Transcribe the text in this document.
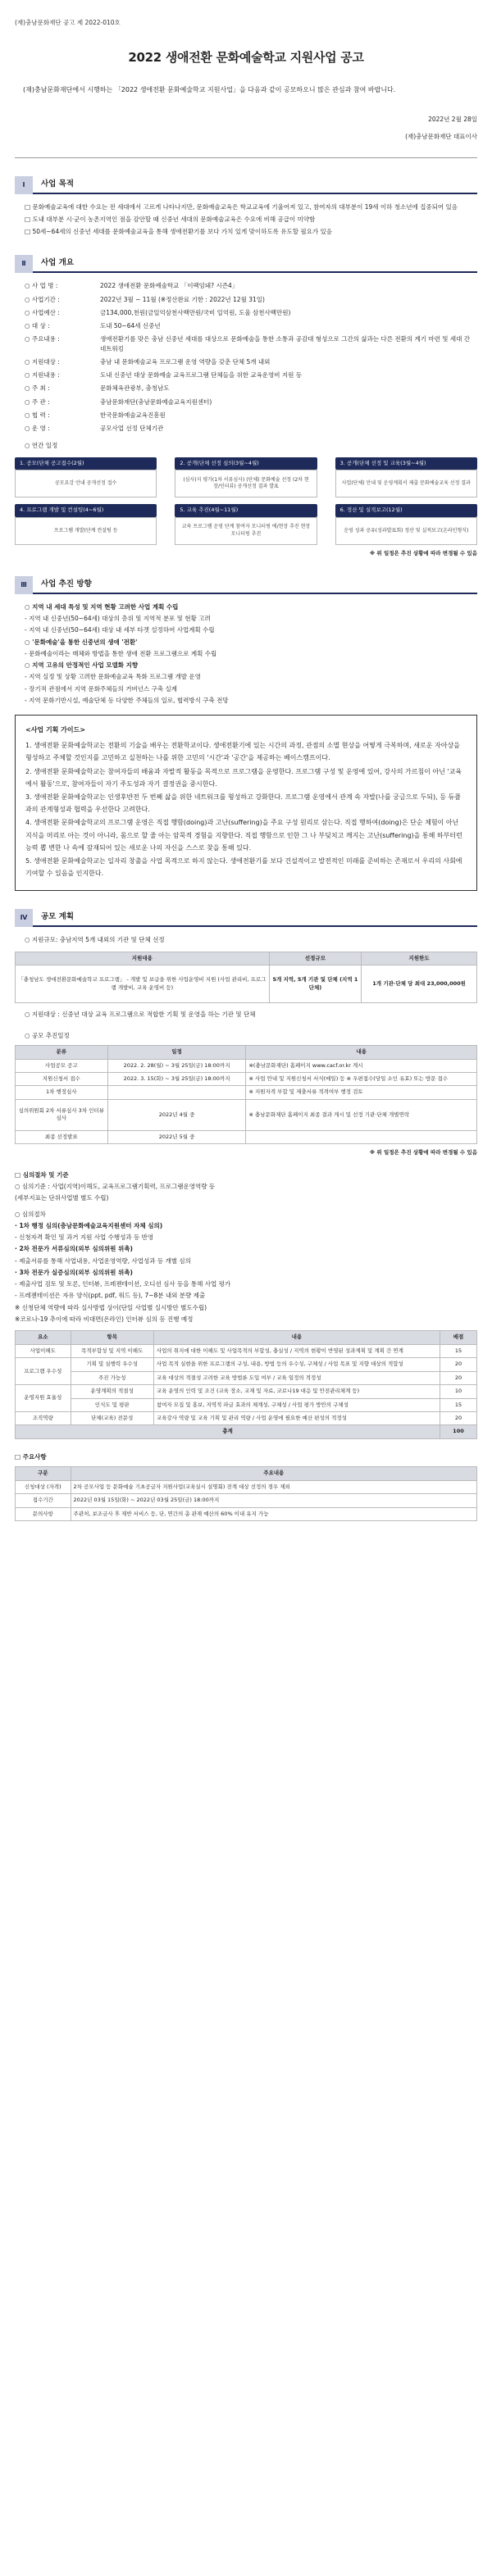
(재)충남문화재단 공고 제 2022-010호
2022 생애전환 문화예술학교 지원사업 공고
(재)충남문화재단에서 시행하는 「2022 생애전환 문화예술학교 지원사업」을 다음과 같이 공모하오니 많은 관심과 참여 바랍니다.
2022년 2월 28일
(재)충남문화재단 대표이사
Ⅰ	사업 목적

□ 문화예술교육에 대한 수요는 전 세대에서 고르게 나타나지만, 문화예술교육은 학교교육에 기울어져 있고, 참여자의 대부분이 19세 이하 청소년에 집중되어 있음

□ 도내 대부분 시·군이 농촌지역인 점을 감안할 때 신중년 세대의 문화예술교육은 수요에 비해 공급이 미약함

□ 50세~64세의 신중년 세대를 문화예술교육을 통해 생애전환기를 보다 가치 있게 맞이하도록 유도할 필요가 있음

Ⅱ	사업 개요
○ 사 업 명 :	2022 생애전환 문화예술학교 「이팩임돼? 시즌4」
○ 사업기간 :	2022년 3월 ~ 11월 (※정산완료 기한 : 2022년 12월 31일)
○ 사업예산 :	금134,000,천원(금일억삼천사백만원/국비 일억원, 도울 삼천사백만원)
○ 대 상 :	도내 50~64세 신중년
○ 주요내용 :	생애전환기를 맞은 충남 신중년 세대를 대상으로 문화예술을 통한 소통과 공감대 형성으로 그간의 삶과는 다른 전환의 계기 마련 및 세대 간 네트워킹
○ 지원대상 :	충남 내 문화예술교육 프로그램 운영 역량을 갖춘 단체 5개 내외
○ 지원내용 :	도내 신중년 대상 문화예술 교육프로그램 단체들을 위한 교육운영비 지원 등
○ 주 최 :	문화체육관광부, 충청남도
○ 주 관 :	충남문화재단(충남문화예술교육지원센터)
○ 협 력 :	한국문화예술교육진흥원
○ 운 영 :	공모사업 선정 단체기관
○ 연간 일정
1. 공모(단체 공고접수(2월)
공모요강 안내 공개선정 접수
2. 공개(단체 선정 심의(3월~4월)
(심사)지 평가(1차 서류심사) (단체) 문화예술 선정 (2차 현장/인터뷰) 공개선정 결과 발표
3. 공개(단체 선정 및 교육(3월~4월)
사업(단체) 안내 및 운영계획서 제출 문화예술교육 선정 결과
4. 프로그램 개발 및 컨설팅(4~6월)
프로그램 개발(단계 컨설팅 등
5. 교육 추진(4월~11월)
교육 프로그램 운영 단계 참여자 모니터링 에/현장 추진 현장 모니터링 추진
6. 정산 및 실적보고(12월)
운영 성과 공유(성과발표회) 정산 및 실적보고(온라인형식)
※ 위 일정은 추진 상황에 따라 변경될 수 있음
Ⅲ	사업 추진 방향

○ 지역 내 세대 특성 및 지역 현황 고려한 사업 계획 수립

- 지역 내 신중년(50~64세) 대상의 층위 및 지역적 분포 및 현황 고려

- 지역 내 신중년(50~64세) 대상 내 세부 타겟 설정하여 사업계획 수립

○ '문화예술'을 통한 신중년의 생애 '전환'

- 문화예술이라는 매체와 방법을 통한 생애 전환 프로그램으로 계획 수립

○ 지역 고유의 안정적인 사업 모델화 지향

- 지역 실정 및 상황 고려한 문화예술교육 특화 프로그램 개발 운영

- 장기적 관점에서 지역 문화주체들의 거버넌스 구축 실계

- 지역 문화기반시설, 예술단체 등 다양한 주체들의 일로, 협력방식 구축 전망

<사업 기획 가이드>

1. 생애전환 문화예술학교는 전환의 기술을 배우는 전환학교이다. 생애전환기에 있는 시간의 과정, 관점의 소멸 현상을 어떻게 극복하며, 새로운 자아상을 형성하고 주체할 것인지를 고민하고 실천하는 나를 위한 고민의 '시간'과 '공간'을 제공하는 베이스캠프이다.

2. 생애전환 문화예술학교는 참여자들의 배움과 자발적 활동을 목적으로 프로그램을 운영한다. 프로그램 구성 및 운영에 있어, 강사의 가르침이 아닌 '교육에서 활동'으로, 참여자들이 자기 주도성과 자기 결정권을 중시한다.

3. 생애전환 문화예술학교는 인생후반전 두 번째 삶을 위한 네트워크를 형성하고 강화한다. 프로그램 운영에서 관계 속 자발(나를 궁금으로 두되), 등 듀플과의 관계형성과 협력을 우선한다 고려한다.

4. 생애전환 문화예술학교의 프로그램 운영은 직접 행함(doing)과 고난(suffering)을 주요 구성 원리로 삼는다. 직접 행하여(doing)은 단순 체험이 아닌 지식을 머리로 아는 것이 아니라, 몸으로 할 줄 아는 암묵적 경험을 지향한다. 직접 행함으로 인한 그 나 부딪치고 깨지는 고난(suffering)을 통해 하부터런 능력 뽑 변한 나 속에 잠재되어 있는 새로운 나의 자신을 스스로 찾을 통해 있다.

5. 생애전환 문화예술학교는 일자리 창출을 사업 목적으로 하지 않는다. 생애전환기를 보다 건설적이고 발전적인 미래를 준비하는 존재로서 우리의 사회에 기여할 수 있음을 인지한다.

Ⅳ	공모 계획

○ 지원규모: 충남지역 5개 내외의 기관 및 단체 선정

지원대용	선정규모	지원한도
「충청남도 생애전환문화예술학교 프로그램」 - 개발 및 보급을 위한 사업운영비 지원 (사업 관리비, 프로그램 개발비, 교육 운영비 등)	5개 지역, 5개 기관 및 단체 (지역 1단체)	1개 기관·단체 당 최대 23,000,000원

○ 지원대상 : 신중년 대상 교육 프로그램으로 적합한 기획 및 운영을 하는 기관 및 단체

○ 공모 추진일정
분류	일정	내용
사업공모 공고	2022. 2. 28(월) ~ 3월 25일(금) 18:00까지	※(충남문화재단) 홈페이지 www.cacf.or.kr 게시
지원신청서 접수	2022. 3. 15(화) ~ 3월 25일(금) 18:00까지	※ 사업 안내 및 지원신청서 서식(메일) 등 ※ 우편접수(당일 소인 유효) 또는 방문 접수
1차 행정심사		※ 지원자격 부합 및 제출서류 적격여부 행정 검토
심의위원회 2차 서류심사 3차 인터뷰 심사	2022년 4월 중	※ 충남문화재단 홈페이지 최종 결과 게시 및 선정 기관·단체 개별연락
최종 선정발표	2022년 5월 중	
※ 위 일정은 추진 상황에 따라 변경될 수 있음

□ 심의절차 및 기준

○ 심의기준 : 사업(지역)이해도, 교육프로그램기획력, 프로그램운영역량 등

(세부지표는 단위사업별 별도 수립)

○ 심의절차

· 1차 행정 심의(충남문화예술교육지원센터 자체 심의)

- 신청자격 확인 및 과거 지원 사업 수행성과 등 반영

· 2차 전문가 서류심의(외부 심의위원 위촉)

- 제출서류를 통해 사업내용, 사업운영역량, 사업성과 등 개별 심의

· 3차 전문가 실증심의(외부 심의위원 위촉)

- 제출사업 검토 및 토론, 인터뷰, 프레젠테이션, 오디션 심사 등을 통해 사업 평가

- 프레젠테이션은 자유 양식(ppt, pdf, 워드 등), 7~8분 내외 분량 제출

※ 신청단체 역량에 따라 실사방법 상이(단일 사업별 실시방안 별도수립)

※코로나-19 추이에 따라 비대면(온라인) 인터뷰 심의 등 진행 예정

요소	항목	내용	배점
사업이해도	목적부합성 및 지역 이해도	사업의 취지에 대한 이해도 및 사업목적의 부합성, 충실성 / 지역의 현황이 반영된 성과계획 및 계획 간 연계	15
프로그램 우수성	기획 및 실행력 우수성	사업 목적 실현을 위한 프로그램의 구성, 내용, 방법 등의 우수성, 구체성 / 사업 목표 및 지향 대상의 적합성	20
	주진 가능성	교육 대상의 적절성 고려한 교육 방법론 도입 여부 / 교육 일정의 적정성	20
운영지원 효율성	운영계획의 적절성	교육 운영의 인력 및 조건 (교육 장소, 교재 및 자료, 코로나19 대응 및 안전관리체계 등)	10
	인식도 및 평판	참여자 모집 및 홍보, 지역적 파급 효과의 체계성, 구체성 / 사업 평가 방안의 구체성	15
조직역량	단체(교육) 전문성	교육강사 역량 및 교육 기획 및 관리 역량 / 사업 운영에 필요한 예산 편성의 적정성	20
총계			100

□ 주요사항

구분	주요내용
신청대상 (자격)	2차 공모사업 등 문화예술 기초공급자 지원사업(교육실시 설명회) 전계 대상 선정의 경우 제외
접수기간	2022년 03월 15일(화) ~ 2022년 03월 25일(금) 18:00까지
문의사항	주관처, 보조금사 후 제반 서비스 등, 단, 연간의 총 관재 예산의 60% 이내 유지 가능
